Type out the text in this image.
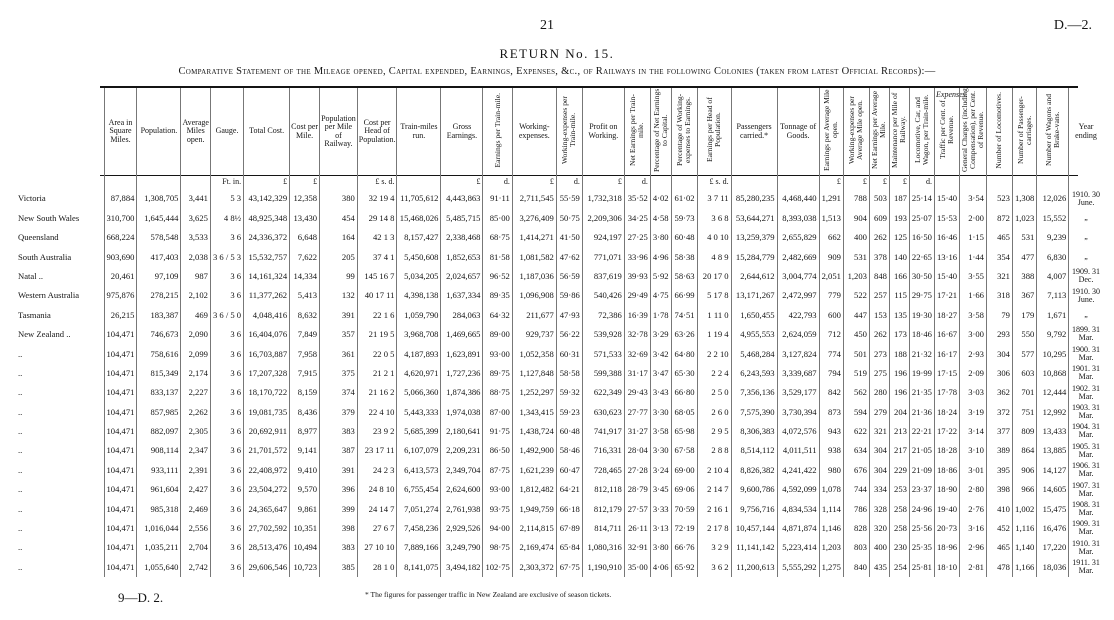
21	D.—2.
RETURN No. 15.
Comparative Statement of the Mileage opened, Capital expended, Earnings, Expenses, &c., of Railways in the following Colonies (taken from latest Official Records):—
Expenses.
	Area in Square Miles.	Population.	Average Miles open.	Gauge.	Total Cost.	Cost per Mile.	Population per Mile of Railway.	Cost per Head of Population.	Train-miles run.	Gross Earnings.	Earnings per Train-mile.	Working-expenses.	Working-expenses per Train-mile.	Profit on Working.	Net Earnings per Train-mile.	Percentage of Net Earnings to Capital.	Percentage of Working-expenses to Earnings.	Earnings per Head of Population.	Passengers carried.*	Tonnage of Goods.	Earnings per Average Mile open.	Working-expenses per Average Mile open.	Net Earnings per Average Mile.	Maintenance per Mile of Railway.	Locomotive, Car, and Wagon, per Train-mile.	Traffic per Cent. of Revenue.	General Charges (including Compensation), per Cent. of Revenue.	Number of Locomotives.	Number of Passenger-carriages.	Number of Wagons and Brake-vans.	Year ending
				Ft. in.	£	£		£ s. d.		£	d.	£	d.	£	d.			£ s. d.			£	£	£	£	d.						
Victoria	87,884	1,308,705	3,441	5 3	43,142,329	12,358	380	32 19 4	11,705,612	4,443,863	91·11	2,711,545	55·59	1,732,318	35·52	4·02	61·02	3 7 11	85,280,235	4,468,440	1,291	788	503	187	25·14	15·40	3·54	523	1,308	12,026	1910. 30 June.
New South Wales	310,700	1,645,444	3,625	4 8½	48,925,348	13,430	454	29 14 8	15,468,026	5,485,715	85·00	3,276,409	50·75	2,209,306	34·25	4·58	59·73	3 6 8	53,644,271	8,393,038	1,513	904	609	193	25·07	15·53	2·00	872	1,023	15,552	„
Queensland	668,224	578,548	3,533	3 6	24,336,372	6,648	164	42 1 3	8,157,427	2,338,468	68·75	1,414,271	41·50	924,197	27·25	3·80	60·48	4 0 10	13,259,379	2,655,829	662	400	262	125	16·50	16·46	1·15	465	531	9,239	„
South Australia	903,690	417,403	2,038	3 6 / 5 3	15,532,757	7,622	205	37 4 1	5,450,608	1,852,653	81·58	1,081,582	47·62	771,071	33·96	4·96	58·38	4 8 9	15,284,779	2,482,669	909	531	378	140	22·65	13·16	1·44	354	477	6,830	„
Natal ..	20,461	97,109	987	3 6	14,161,324	14,334	99	145 16 7	5,034,205	2,024,657	96·52	1,187,036	56·59	837,619	39·93	5·92	58·63	20 17 0	2,644,612	3,004,774	2,051	1,203	848	166	30·50	15·40	3·55	321	388	4,007	1909. 31 Dec.
Western Australia	975,876	278,215	2,102	3 6	11,377,262	5,413	132	40 17 11	4,398,138	1,637,334	89·35	1,096,908	59·86	540,426	29·49	4·75	66·99	5 17 8	13,171,267	2,472,997	779	522	257	115	29·75	17·21	1·66	318	367	7,113	1910. 30 June.
Tasmania	26,215	183,387	469	3 6 / 5 0	4,048,416	8,632	391	22 1 6	1,059,790	284,063	64·32	211,677	47·93	72,386	16·39	1·78	74·51	1 11 0	1,650,455	422,793	600	447	153	135	19·30	18·27	3·58	79	179	1,671	„
New Zealand ..	104,471	746,673	2,090	3 6	16,404,076	7,849	357	21 19 5	3,968,708	1,469,665	89·00	929,737	56·22	539,928	32·78	3·29	63·26	1 19 4	4,955,553	2,624,059	712	450	262	173	18·46	16·67	3·00	293	550	9,792	1899. 31 Mar.
..	104,471	758,616	2,099	3 6	16,703,887	7,958	361	22 0 5	4,187,893	1,623,891	93·00	1,052,358	60·31	571,533	32·69	3·42	64·80	2 2 10	5,468,284	3,127,824	774	501	273	188	21·32	16·17	2·93	304	577	10,295	1900. 31 Mar.
..	104,471	815,349	2,174	3 6	17,207,328	7,915	375	21 2 1	4,620,971	1,727,236	89·75	1,127,848	58·58	599,388	31·17	3·47	65·30	2 2 4	6,243,593	3,339,687	794	519	275	196	19·99	17·15	2·09	306	603	10,868	1901. 31 Mar.
..	104,471	833,137	2,227	3 6	18,170,722	8,159	374	21 16 2	5,066,360	1,874,386	88·75	1,252,297	59·32	622,349	29·43	3·43	66·80	2 5 0	7,356,136	3,529,177	842	562	280	196	21·35	17·78	3·03	362	701	12,444	1902. 31 Mar.
..	104,471	857,985	2,262	3 6	19,081,735	8,436	379	22 4 10	5,443,333	1,974,038	87·00	1,343,415	59·23	630,623	27·77	3·30	68·05	2 6 0	7,575,390	3,730,394	873	594	279	204	21·36	18·24	3·19	372	751	12,992	1903. 31 Mar.
..	104,471	882,097	2,305	3 6	20,692,911	8,977	383	23 9 2	5,685,399	2,180,641	91·75	1,438,724	60·48	741,917	31·27	3·58	65·98	2 9 5	8,306,383	4,072,576	943	622	321	213	22·21	17·22	3·14	377	809	13,433	1904. 31 Mar.
..	104,471	908,114	2,347	3 6	21,701,572	9,141	387	23 17 11	6,107,079	2,209,231	86·50	1,492,900	58·46	716,331	28·04	3·30	67·58	2 8 8	8,514,112	4,011,511	938	634	304	217	21·05	18·28	3·10	389	864	13,885	1905. 31 Mar.
..	104,471	933,111	2,391	3 6	22,408,972	9,410	391	24 2 3	6,413,573	2,349,704	87·75	1,621,239	60·47	728,465	27·28	3·24	69·00	2 10 4	8,826,382	4,241,422	980	676	304	229	21·09	18·86	3·01	395	906	14,127	1906. 31 Mar.
..	104,471	961,604	2,427	3 6	23,504,272	9,570	396	24 8 10	6,755,454	2,624,600	93·00	1,812,482	64·21	812,118	28·79	3·45	69·06	2 14 7	9,600,786	4,592,099	1,078	744	334	253	23·37	18·90	2·80	398	966	14,605	1907. 31 Mar.
..	104,471	985,318	2,469	3 6	24,365,647	9,861	399	24 14 7	7,051,274	2,761,938	93·75	1,949,759	66·18	812,179	27·57	3·33	70·59	2 16 1	9,756,716	4,834,534	1,114	786	328	258	24·96	19·40	2·76	410	1,002	15,475	1908. 31 Mar.
..	104,471	1,016,044	2,556	3 6	27,702,592	10,351	398	27 6 7	7,458,236	2,929,526	94·00	2,114,815	67·89	814,711	26·11	3·13	72·19	2 17 8	10,457,144	4,871,874	1,146	828	320	258	25·56	20·73	3·16	452	1,116	16,476	1909. 31 Mar.
..	104,471	1,035,211	2,704	3 6	28,513,476	10,494	383	27 10 10	7,889,166	3,249,790	98·75	2,169,474	65·84	1,080,316	32·91	3·80	66·76	3 2 9	11,141,142	5,223,414	1,203	803	400	230	25·35	18·96	2·96	465	1,140	17,220	1910. 31 Mar.
..	104,471	1,055,640	2,742	3 6	29,606,546	10,723	385	28 1 0	8,141,075	3,494,182	102·75	2,303,372	67·75	1,190,910	35·00	4·06	65·92	3 6 2	11,200,613	5,555,292	1,275	840	435	254	25·81	18·10	2·81	478	1,166	18,036	1911. 31 Mar.
9—D. 2.	* The figures for passenger traffic in New Zealand are exclusive of season tickets.
